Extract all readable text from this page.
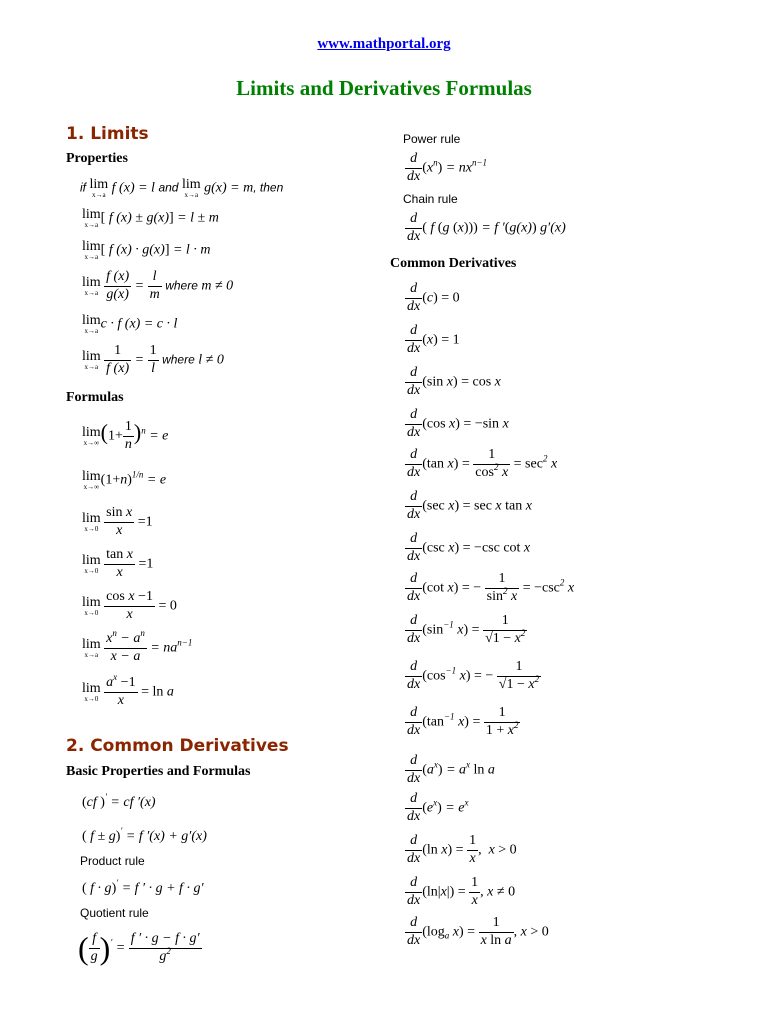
www.mathportal.org
Limits and Derivatives Formulas
1. Limits
Properties
if lim
x→a f (x) = l and lim
x→a g(x) = m, then
lim
x→a [ f (x) ± g(x)] = l ± m
lim
x→a [ f (x) · g(x)] = l · m
lim
x→a
$\frac{f (x)}{g(x)} = \frac{l}{m}$ where m ≠ 0
lim
x→a c · f (x) = c · l
lim
x→a
$\frac{1}{f (x)} = \frac{1}{l}$ where l ≠ 0
Formulas
lim
x→∞ $(1+ \frac{1}{n} )^n = e$
lim
x→∞ $(1+n)^{1/n} = e$
lim
x→0
$\frac{\text{sin x}}{x} =1$
lim
x→0
$\frac{\text{tan x}}{x} =1$
lim
x→0
$\frac{\text{cos x −1}}{x} = 0$
lim
x→a
$\frac{x^n - a^n}{x - a} = na^{n-1}$
lim
x→0
$\frac{a^x -1}{x} = \ln a$
2. Common Derivatives
Basic Properties and Formulas
(cf )′ = cf ′(x)
( f ± g)′ = f ′(x) + g′(x)
Product rule
( f · g)′ = f ′ · g + f · g′
Quotient rule
( $\frac{f}{g} )' = \frac{f ' \cdot g - f \cdot g'}{g^2}$
Power rule
$\frac{d}{dx} (x^n) = nx^{n-1}$
Chain rule
$\frac{d}{dx}$ ( f (g (x))) = f ′(g(x)) g′(x)
Common Derivatives
$\frac{d}{dx} (c) = 0$
$\frac{d}{dx} (x) = 1$
$\frac{d}{dx} (\sin$ x) = cos x
$\frac{d}{dx} (\cos$ x) = −sin x
$\frac{d}{dx} (\tan$ $x) = \frac{1}{\cos^2 x} = \sec^2 x$
$\frac{d}{dx} (\sec$ x) = sec x tan x
$\frac{d}{dx} (\csc$ x) = −csc cot x
$\frac{d}{dx} (\cot$ x) = − $\frac{1}{\sin^2 x} = -\csc^2$ x
$\frac{d}{dx} (\sin^{-1}$ $x) = \frac{1}{√1 - x^2}$
$\frac{d}{dx} (\cos^{-1}$ x) = − $\frac{1}{√1 - x^2}$
$\frac{d}{dx} (\tan^{-1}$ $x) = \frac{1}{1 + x^2}$
$\frac{d}{dx} (a^x) = a^x$ ln a
$\frac{d}{dx} (e^x) = e^x$
$\frac{d}{dx} (\ln$ $x) = \frac{1}{x}$ ,  x > 0
$\frac{d}{dx} (\ln|x|) = \frac{1}{x}$ , x ≠ 0
$\frac{d}{dx} (\log_a$ $x) = \frac{1}{\text{x ln a}}$ , x > 0
